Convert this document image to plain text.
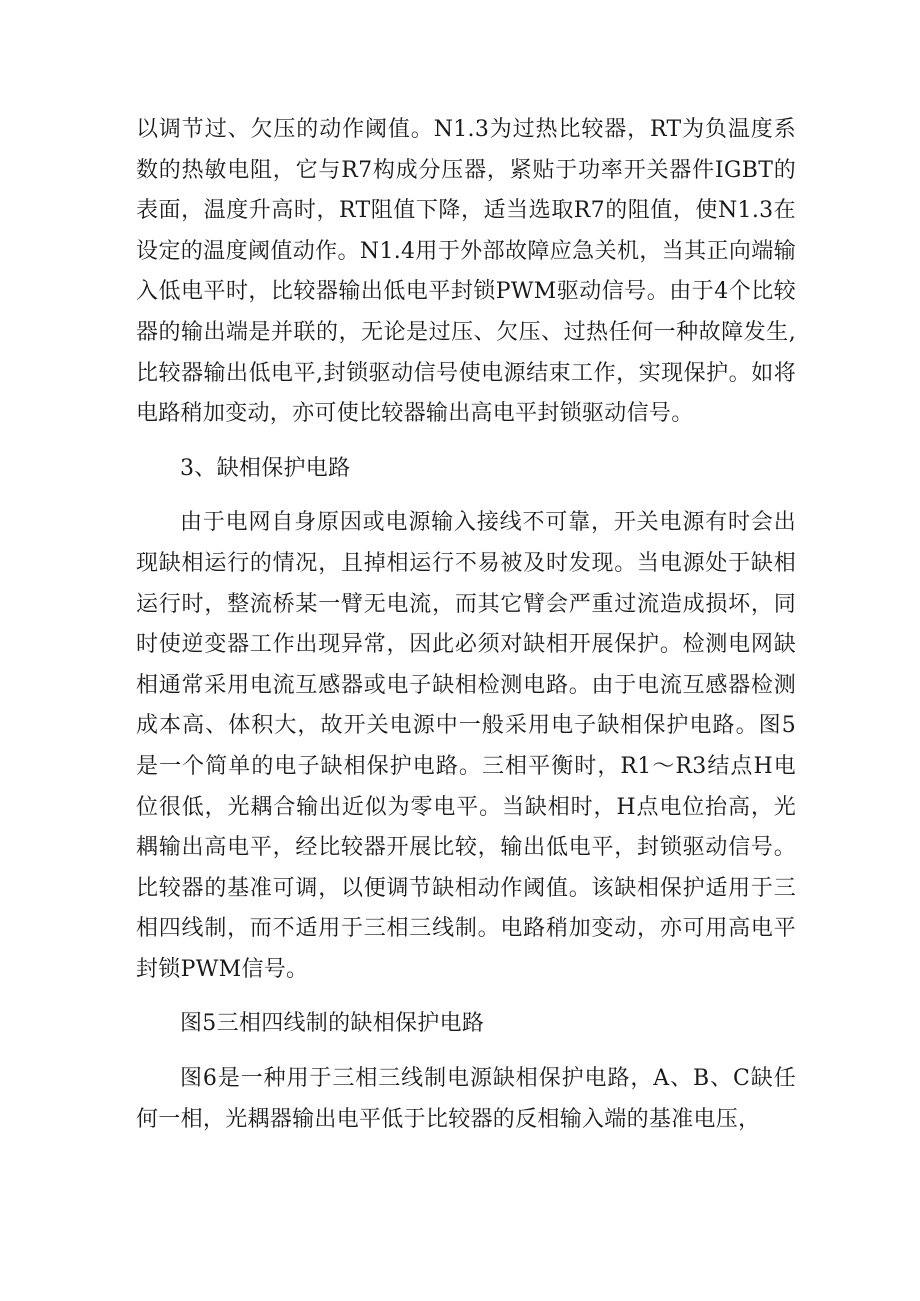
以调节过、欠压的动作阈值。N1.3为过热比较器，RT为负温度系数的热敏电阻，它与R7构成分压器，紧贴于功率开关器件IGBT的表面，温度升高时，RT阻值下降，适当选取R7的阻值，使N1.3在设定的温度阈值动作。N1.4用于外部故障应急关机，当其正向端输入低电平时，比较器输出低电平封锁PWM驱动信号。由于4个比较器的输出端是并联的，无论是过压、欠压、过热任何一种故障发生,比较器输出低电平,封锁驱动信号使电源结束工作，实现保护。如将电路稍加变动，亦可使比较器输出高电平封锁驱动信号。

3、缺相保护电路

由于电网自身原因或电源输入接线不可靠，开关电源有时会出现缺相运行的情况，且掉相运行不易被及时发现。当电源处于缺相运行时，整流桥某一臂无电流，而其它臂会严重过流造成损坏，同时使逆变器工作出现异常，因此必须对缺相开展保护。检测电网缺相通常采用电流互感器或电子缺相检测电路。由于电流互感器检测成本高、体积大，故开关电源中一般采用电子缺相保护电路。图5是一个简单的电子缺相保护电路。三相平衡时，R1～R3结点H电位很低，光耦合输出近似为零电平。当缺相时，H点电位抬高，光耦输出高电平，经比较器开展比较，输出低电平，封锁驱动信号。比较器的基准可调，以便调节缺相动作阈值。该缺相保护适用于三相四线制，而不适用于三相三线制。电路稍加变动，亦可用高电平封锁PWM信号。

图5三相四线制的缺相保护电路

图6是一种用于三相三线制电源缺相保护电路，A、B、C缺任何一相，光耦器输出电平低于比较器的反相输入端的基准电压，
